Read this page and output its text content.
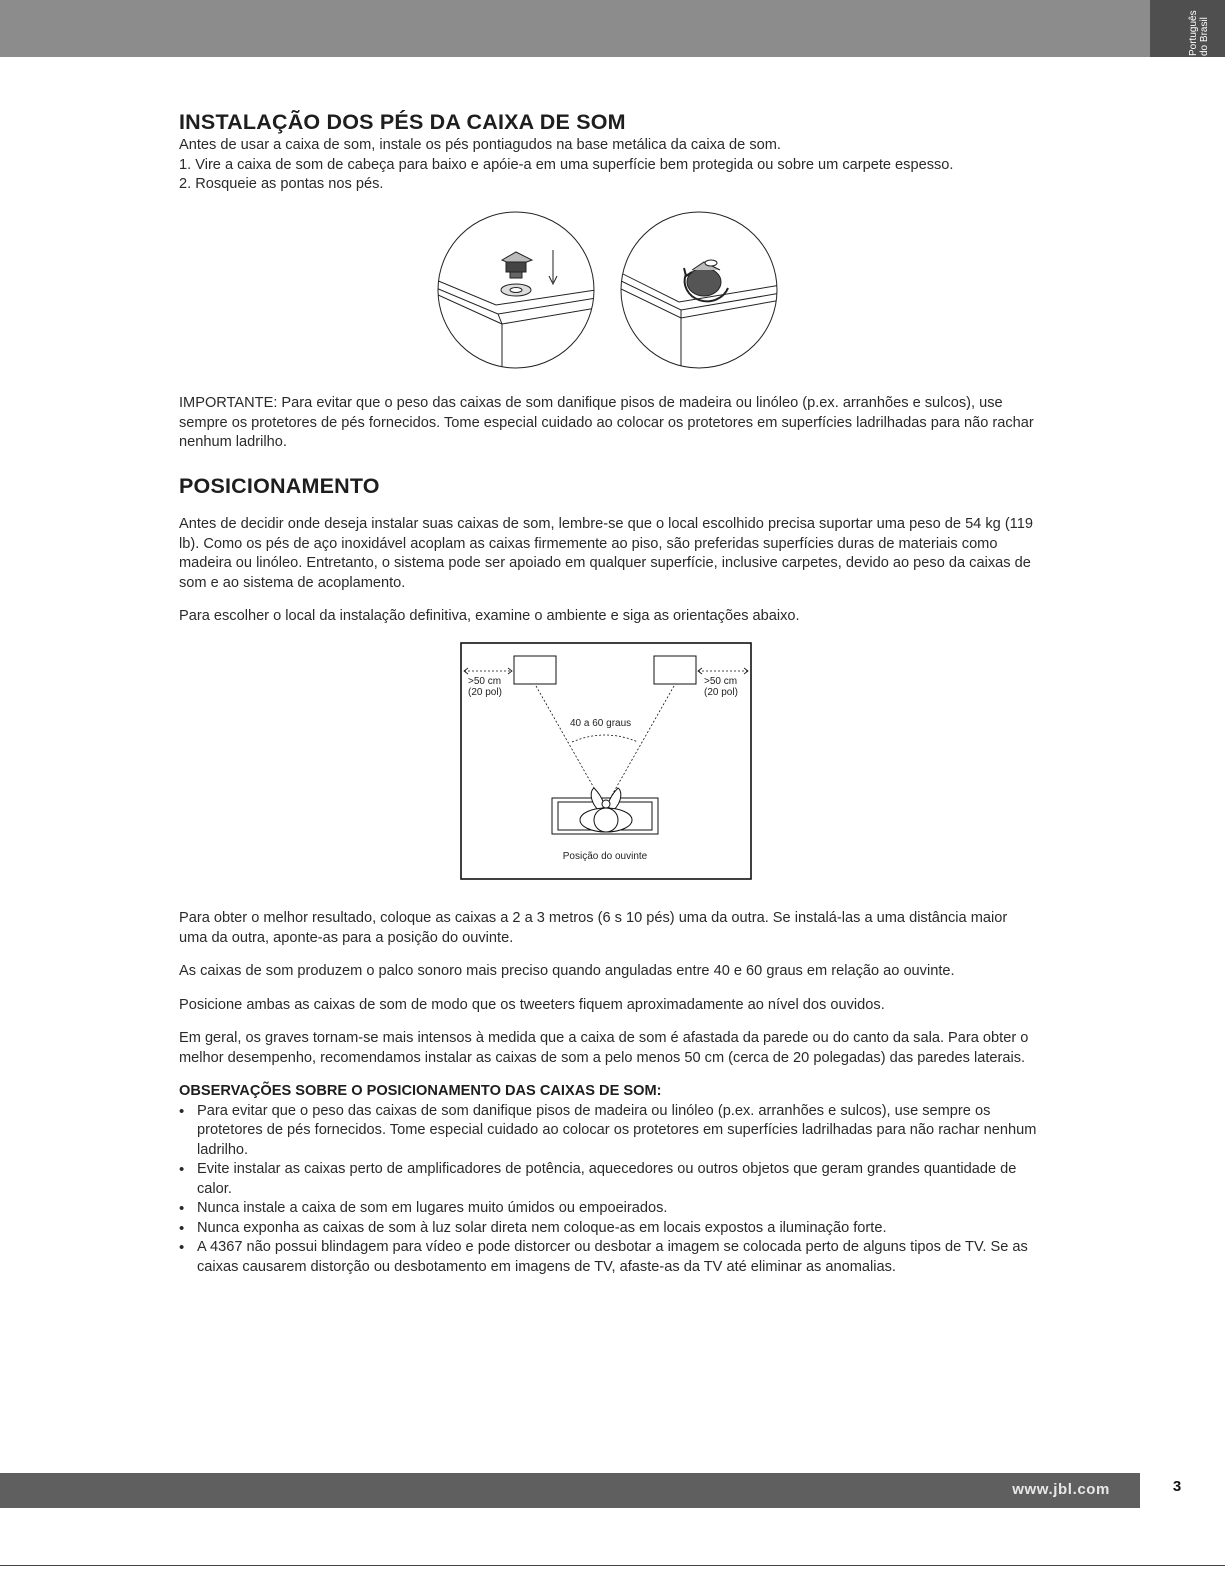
Português do Brasil
INSTALAÇÃO DOS PÉS DA CAIXA DE SOM

Antes de usar a caixa de som, instale os pés pontiagudos na base metálica da caixa de som.

1. Vire a caixa de som de cabeça para baixo e apóie-a em uma superfície bem protegida ou sobre um carpete espesso.

2. Rosqueie as pontas nos pés.

IMPORTANTE: Para evitar que o peso das caixas de som danifique pisos de madeira ou linóleo (p.ex. arranhões e sulcos), use sempre os protetores de pés fornecidos. Tome especial cuidado ao colocar os protetores em superfícies ladrilhadas para não rachar nenhum ladrilho.

POSICIONAMENTO

Antes de decidir onde deseja instalar suas caixas de som, lembre-se que o local escolhido precisa suportar uma peso de 54 kg (119 lb). Como os pés de aço inoxidável acoplam as caixas firmemente ao piso, são preferidas superfícies duras de materiais como madeira ou linóleo. Entretanto, o sistema pode ser apoiado em qualquer superfície, inclusive carpetes, devido ao peso da caixas de som e ao sistema de acoplamento.

Para escolher o local da instalação definitiva, examine o ambiente e siga as orientações abaixo.

>50 cm
(20 pol)
>50 cm
(20 pol)
40 a 60 graus
Posição do ouvinte

Para obter o melhor resultado, coloque as caixas a 2 a 3 metros (6 s 10 pés) uma da outra. Se instalá-las a uma distância maior uma da outra, aponte-as para a posição do ouvinte.

As caixas de som produzem o palco sonoro mais preciso quando anguladas entre 40 e 60 graus em relação ao ouvinte.

Posicione ambas as caixas de som de modo que os tweeters fiquem aproximadamente ao nível dos ouvidos.

Em geral, os graves tornam-se mais intensos à medida que a caixa de som é afastada da parede ou do canto da sala. Para obter o melhor desempenho, recomendamos instalar as caixas de som a pelo menos 50 cm (cerca de 20 polegadas) das paredes laterais.

OBSERVAÇÕES SOBRE O POSICIONAMENTO DAS CAIXAS DE SOM:

• Para evitar que o peso das caixas de som danifique pisos de madeira ou linóleo (p.ex. arranhões e sulcos), use sempre os protetores de pés fornecidos. Tome especial cuidado ao colocar os protetores em superfícies ladrilhadas para não rachar nenhum ladrilho.
• Evite instalar as caixas perto de amplificadores de potência, aquecedores ou outros objetos que geram grandes quantidade de calor.
• Nunca instale a caixa de som em lugares muito úmidos ou empoeirados.
• Nunca exponha as caixas de som à luz solar direta nem coloque-as em locais expostos a iluminação forte.
• A 4367 não possui blindagem para vídeo e pode distorcer ou desbotar a imagem se colocada perto de alguns tipos de TV. Se as caixas causarem distorção ou desbotamento em imagens de TV, afaste-as da TV até eliminar as anomalias.
www.jbl.com	3
